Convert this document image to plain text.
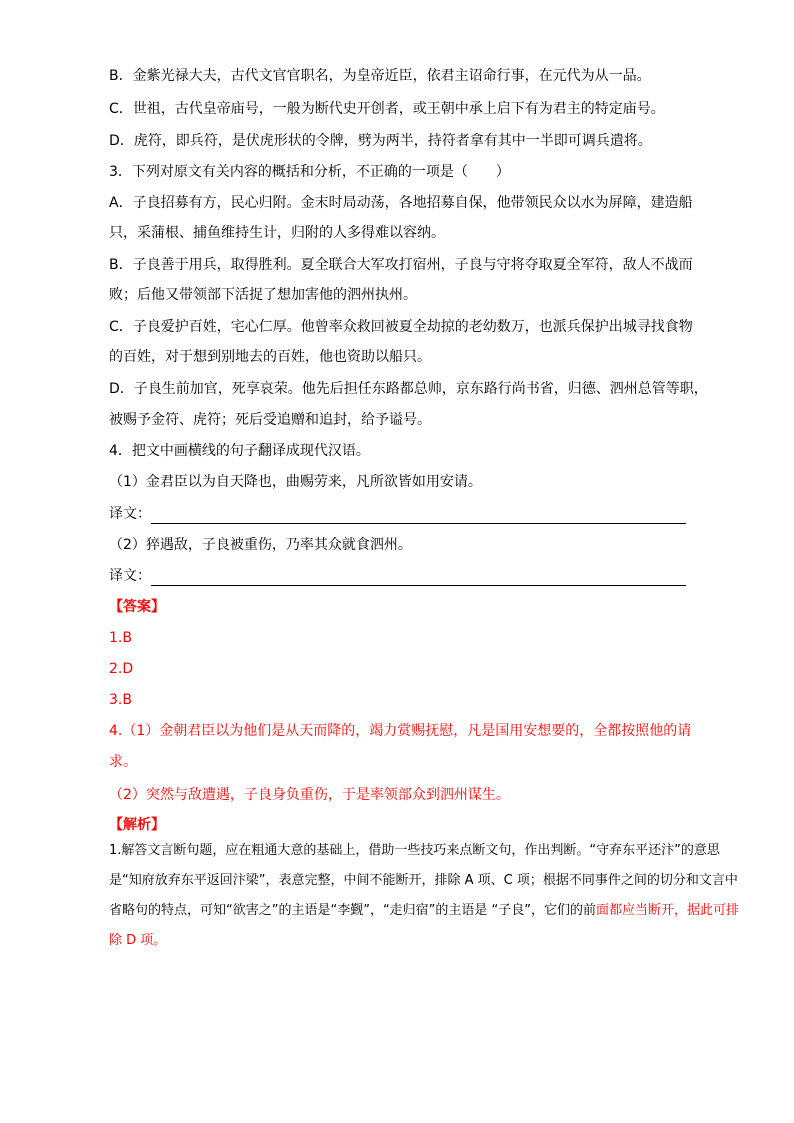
B．金紫光禄大夫，古代文官官职名，为皇帝近臣，依君主诏命行事，在元代为从一品。
C．世祖，古代皇帝庙号，一般为断代史开创者，或王朝中承上启下有为君主的特定庙号。
D．虎符，即兵符，是伏虎形状的令牌，劈为两半，持符者拿有其中一半即可调兵遣将。
3．下列对原文有关内容的概括和分析，不正确的一项是（　　）
A．子良招募有方，民心归附。金末时局动荡，各地招募自保，他带领民众以水为屏障，建造船
只，采蒲根、捕鱼维持生计，归附的人多得难以容纳。
B．子良善于用兵，取得胜利。夏全联合大军攻打宿州，子良与守将夺取夏全军符，敌人不战而
败；后他又带领部下活捉了想加害他的泗州执州。
C．子良爱护百姓，宅心仁厚。他曾率众救回被夏全劫掠的老幼数万，也派兵保护出城寻找食物
的百姓，对于想到别地去的百姓，他也资助以船只。
D．子良生前加官，死享哀荣。他先后担任东路都总帅，京东路行尚书省，归德、泗州总管等职，
被赐予金符、虎符；死后受追赠和追封，给予谥号。
4．把文中画横线的句子翻译成现代汉语。
（1）金君臣以为自天降也，曲赐劳来，凡所欲皆如用安请。
译文：
（2）猝遇敌，子良被重伤，乃率其众就食泗州。
译文：
【答案】
1.B
2.D
3.B
4.（1）金朝君臣以为他们是从天而降的，竭力赏赐抚慰，凡是国用安想要的，全都按照他的请
求。
（2）突然与敌遭遇，子良身负重伤，于是率领部众到泗州谋生。
【解析】
1.解答文言断句题，应在粗通大意的基础上，借助一些技巧来点断文句，作出判断。“守弃东平还汴”的意思是“知府放弃东平返回汴梁”，表意完整，中间不能断开，排除 A 项、C 项；根据不同事件之间的切分和文言中省略句的特点，可知“欲害之”的主语是“李觐”，“走归宿”的主语是 “子良”，它们的前面都应当断开，据此可排除 D 项。
